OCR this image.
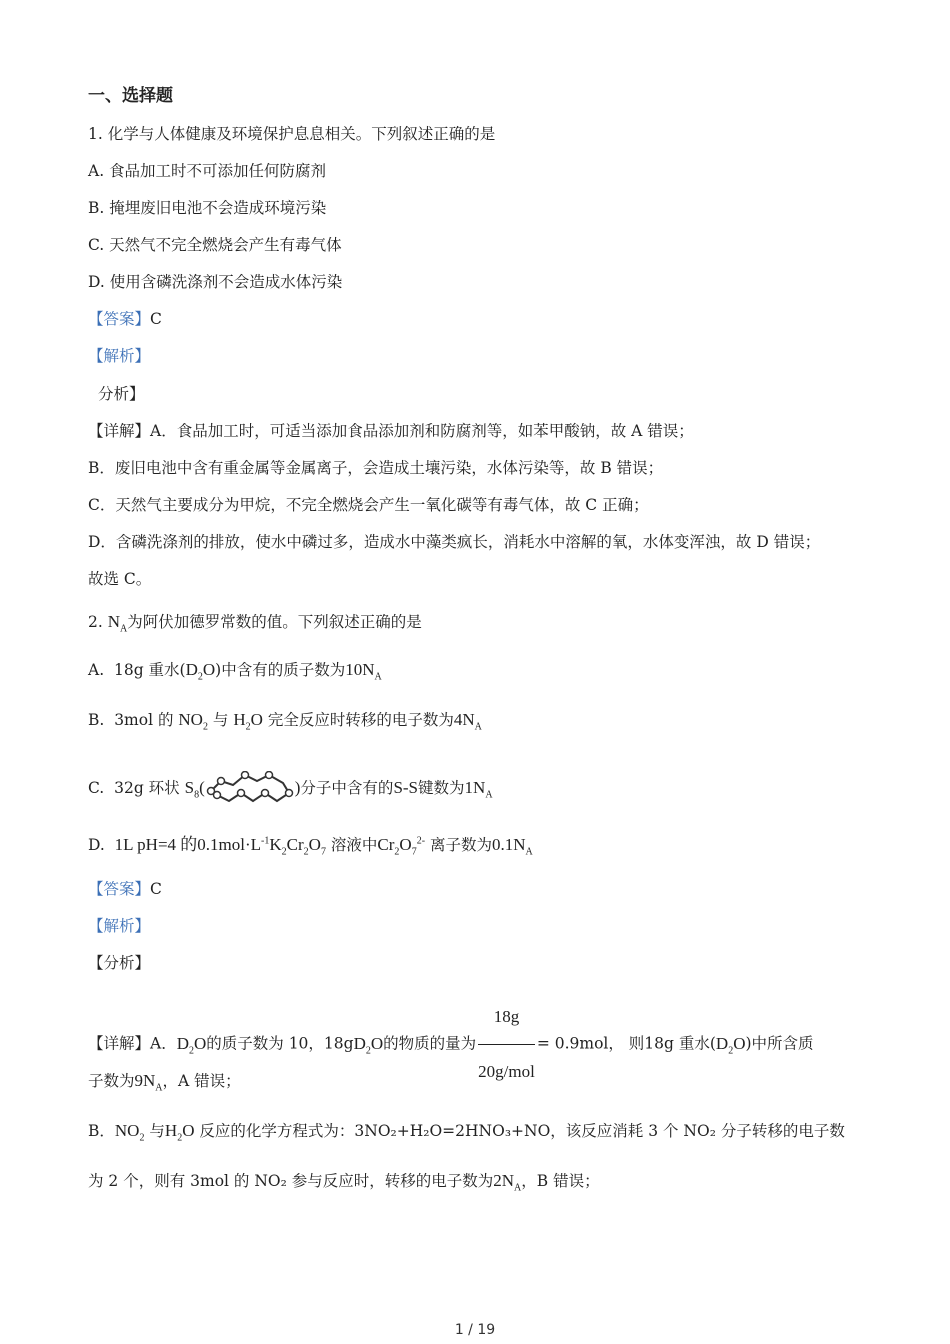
一、选择题
1. 化学与人体健康及环境保护息息相关。下列叙述正确的是
A. 食品加工时不可添加任何防腐剂
B. 掩埋废旧电池不会造成环境污染
C. 天然气不完全燃烧会产生有毒气体
D. 使用含磷洗涤剂不会造成水体污染
【答案】C
【解析】
分析】
【详解】A．食品加工时，可适当添加食品添加剂和防腐剂等，如苯甲酸钠，故 A 错误；
B．废旧电池中含有重金属等金属离子，会造成土壤污染，水体污染等，故 B 错误；
C．天然气主要成分为甲烷，不完全燃烧会产生一氧化碳等有毒气体，故 C 正确；
D．含磷洗涤剂的排放，使水中磷过多，造成水中藻类疯长，消耗水中溶解的氧，水体变浑浊，故 D 错误；
故选 C。
2. $N_A$为阿伏加德罗常数的值。下列叙述正确的是
A. 18g 重水$(D_2O)$中含有的质子数为$10N_A$
B. 3mol 的 $NO_2$ 与 $H_2O$ 完全反应时转移的电子数为$4N_A$
C. 32g 环状 $S_8$(	)分子中含有的S-S键数为$1N_A$
D. 1L pH=4 的$0.1mol\cdot L^{-1}K_2Cr_2O_7$ 溶液中$Cr_2O_7^{2-}$ 离子数为$0.1N_A$
【答案】C
【解析】
【分析】
【详解】A．$D_2O$的质子数为 10，$18gD_2O$的物质的量为 $\frac{18g}{\text{20g/mol}} = 0.9mol$， 则18g 重水$(D_2O)$中所含质
子数为$9N_A$，A 错误；
B．$NO_2$ 与$H_2O$ 反应的化学方程式为：3NO₂+H₂O=2HNO₃+NO，该反应消耗 3 个 NO₂ 分子转移的电子数
为 2 个，则有 3mol 的 NO₂ 参与反应时，转移的电子数为$2N_A$，B 错误；
1 / 19
